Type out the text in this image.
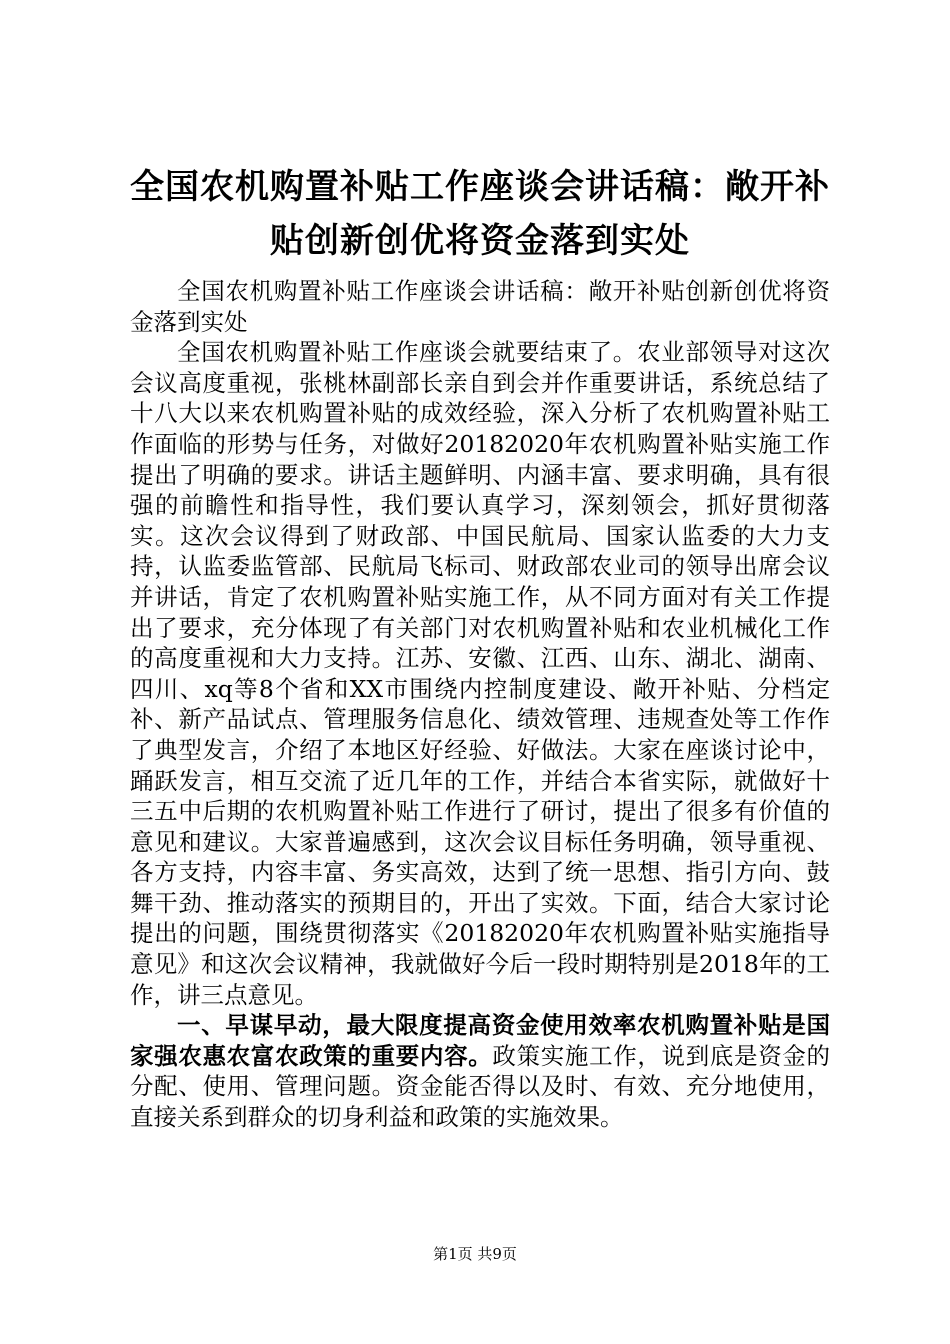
全国农机购置补贴工作座谈会讲话稿：敞开补贴创新创优将资金落到实处

全国农机购置补贴工作座谈会讲话稿：敞开补贴创新创优将资金落到实处

全国农机购置补贴工作座谈会就要结束了。农业部领导对这次会议高度重视，张桃林副部长亲自到会并作重要讲话，系统总结了十八大以来农机购置补贴的成效经验，深入分析了农机购置补贴工作面临的形势与任务，对做好20182020年农机购置补贴实施工作提出了明确的要求。讲话主题鲜明、内涵丰富、要求明确，具有很强的前瞻性和指导性，我们要认真学习，深刻领会，抓好贯彻落实。这次会议得到了财政部、中国民航局、国家认监委的大力支持，认监委监管部、民航局飞标司、财政部农业司的领导出席会议并讲话，肯定了农机购置补贴实施工作，从不同方面对有关工作提出了要求，充分体现了有关部门对农机购置补贴和农业机械化工作的高度重视和大力支持。江苏、安徽、江西、山东、湖北、湖南、四川、xq等8个省和XX市围绕内控制度建设、敞开补贴、分档定补、新产品试点、管理服务信息化、绩效管理、违规查处等工作作了典型发言，介绍了本地区好经验、好做法。大家在座谈讨论中，踊跃发言，相互交流了近几年的工作，并结合本省实际，就做好十三五中后期的农机购置补贴工作进行了研讨，提出了很多有价值的意见和建议。大家普遍感到，这次会议目标任务明确，领导重视、各方支持，内容丰富、务实高效，达到了统一思想、指引方向、鼓舞干劲、推动落实的预期目的，开出了实效。下面，结合大家讨论提出的问题，围绕贯彻落实《20182020年农机购置补贴实施指导意见》和这次会议精神，我就做好今后一段时期特别是2018年的工作，讲三点意见。

一、早谋早动，最大限度提高资金使用效率农机购置补贴是国家强农惠农富农政策的重要内容。政策实施工作，说到底是资金的分配、使用、管理问题。资金能否得以及时、有效、充分地使用，直接关系到群众的切身利益和政策的实施效果。

第1页 共9页
